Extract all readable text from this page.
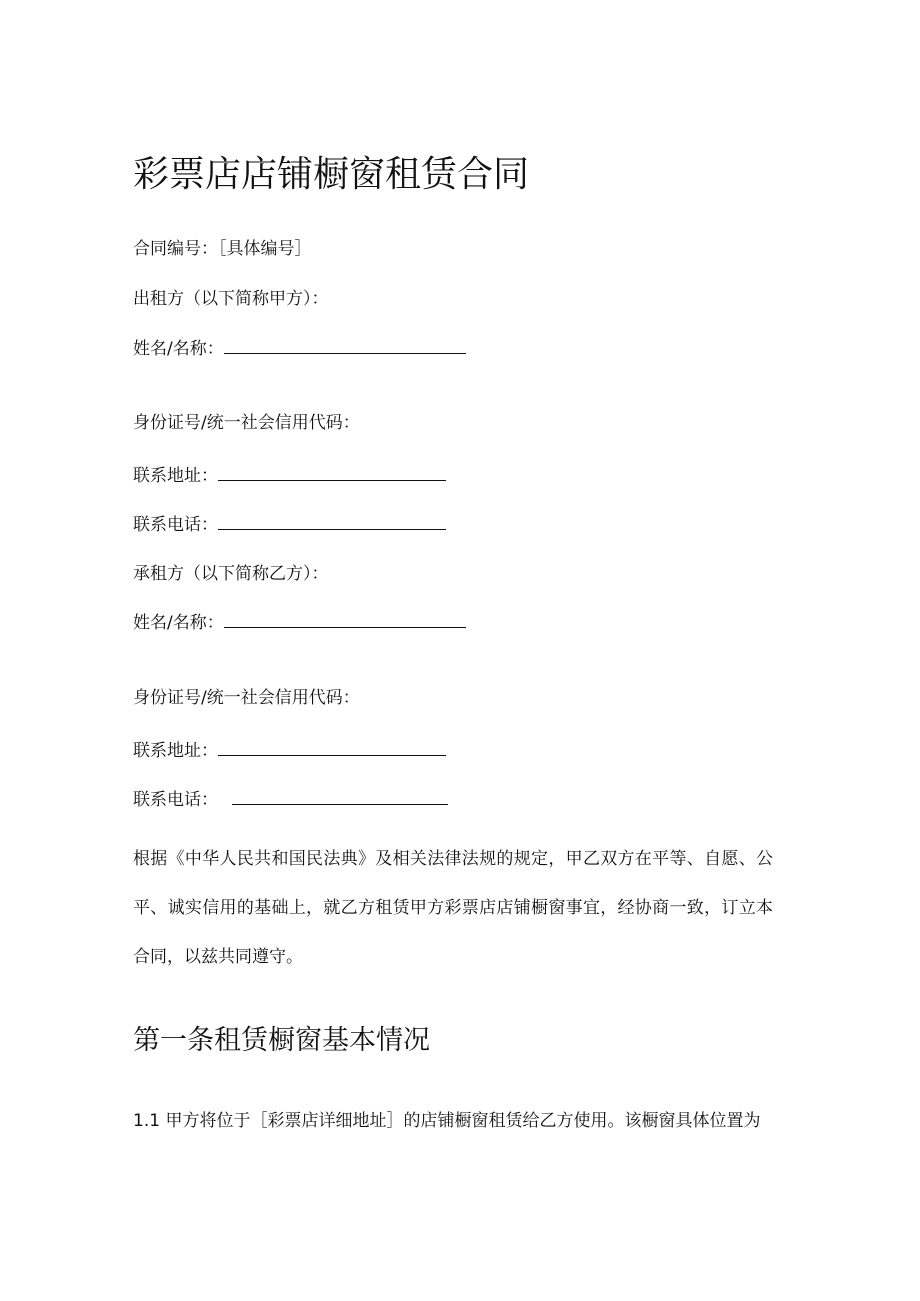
彩票店店铺橱窗租赁合同

合同编号：［具体编号］

出租方（以下简称甲方）：

姓名/名称：

身份证号/统一社会信用代码：

联系地址：

联系电话：

承租方（以下简称乙方）：

姓名/名称：

身份证号/统一社会信用代码：

联系地址：

联系电话：

根据《中华人民共和国民法典》及相关法律法规的规定，甲乙双方在平等、自愿、公平、诚实信用的基础上，就乙方租赁甲方彩票店店铺橱窗事宜，经协商一致，订立本合同，以兹共同遵守。

第一条租赁橱窗基本情况

1.1 甲方将位于［彩票店详细地址］的店铺橱窗租赁给乙方使用。该橱窗具体位置为
